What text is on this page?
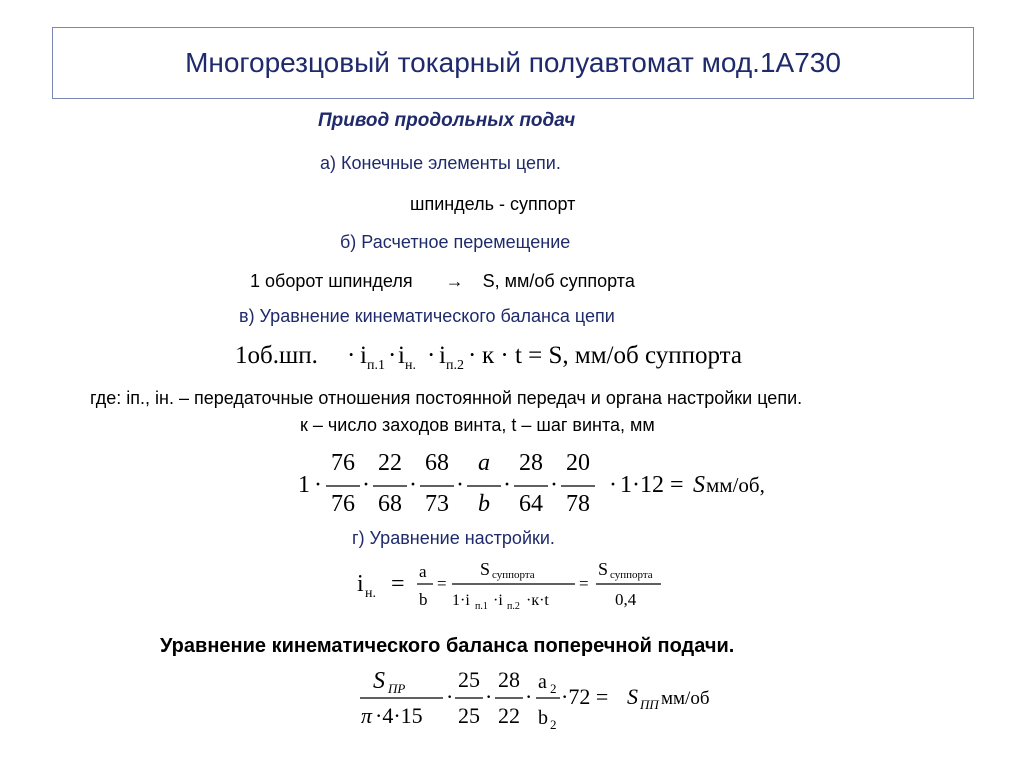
Многорезцовый токарный полуавтомат мод.1А730
Привод продольных подач
а) Конечные элементы цепи.
шпиндель - суппорт
б) Расчетное перемещение
1 оборот шпинделя → S, мм/об суппорта
в) Уравнение кинематического баланса цепи
1об.шп. · i п.1 · i н. · i п.2 · к · t = S, мм/об суппорта
где: iп., iн. – передаточные отношения постоянной передач и органа настройки цепи.
к – число заходов винта, t – шаг винта, мм
1 ·
76
76
·
22
68
·
68
73
·
a
b
·
28
64
·
20
78
· 1·12 = S мм/об,
г) Уравнение настройки.
i н. = a
b
=
S суппорта
1·i п.1 ·i п.2 ·к·t
=
S суппорта
0,4
Уравнение кинематического баланса поперечной подачи.
S ПР
π ·4·15
·
25
25
·
28
22
·
a 2
b 2
·72 = S ПП мм/об
